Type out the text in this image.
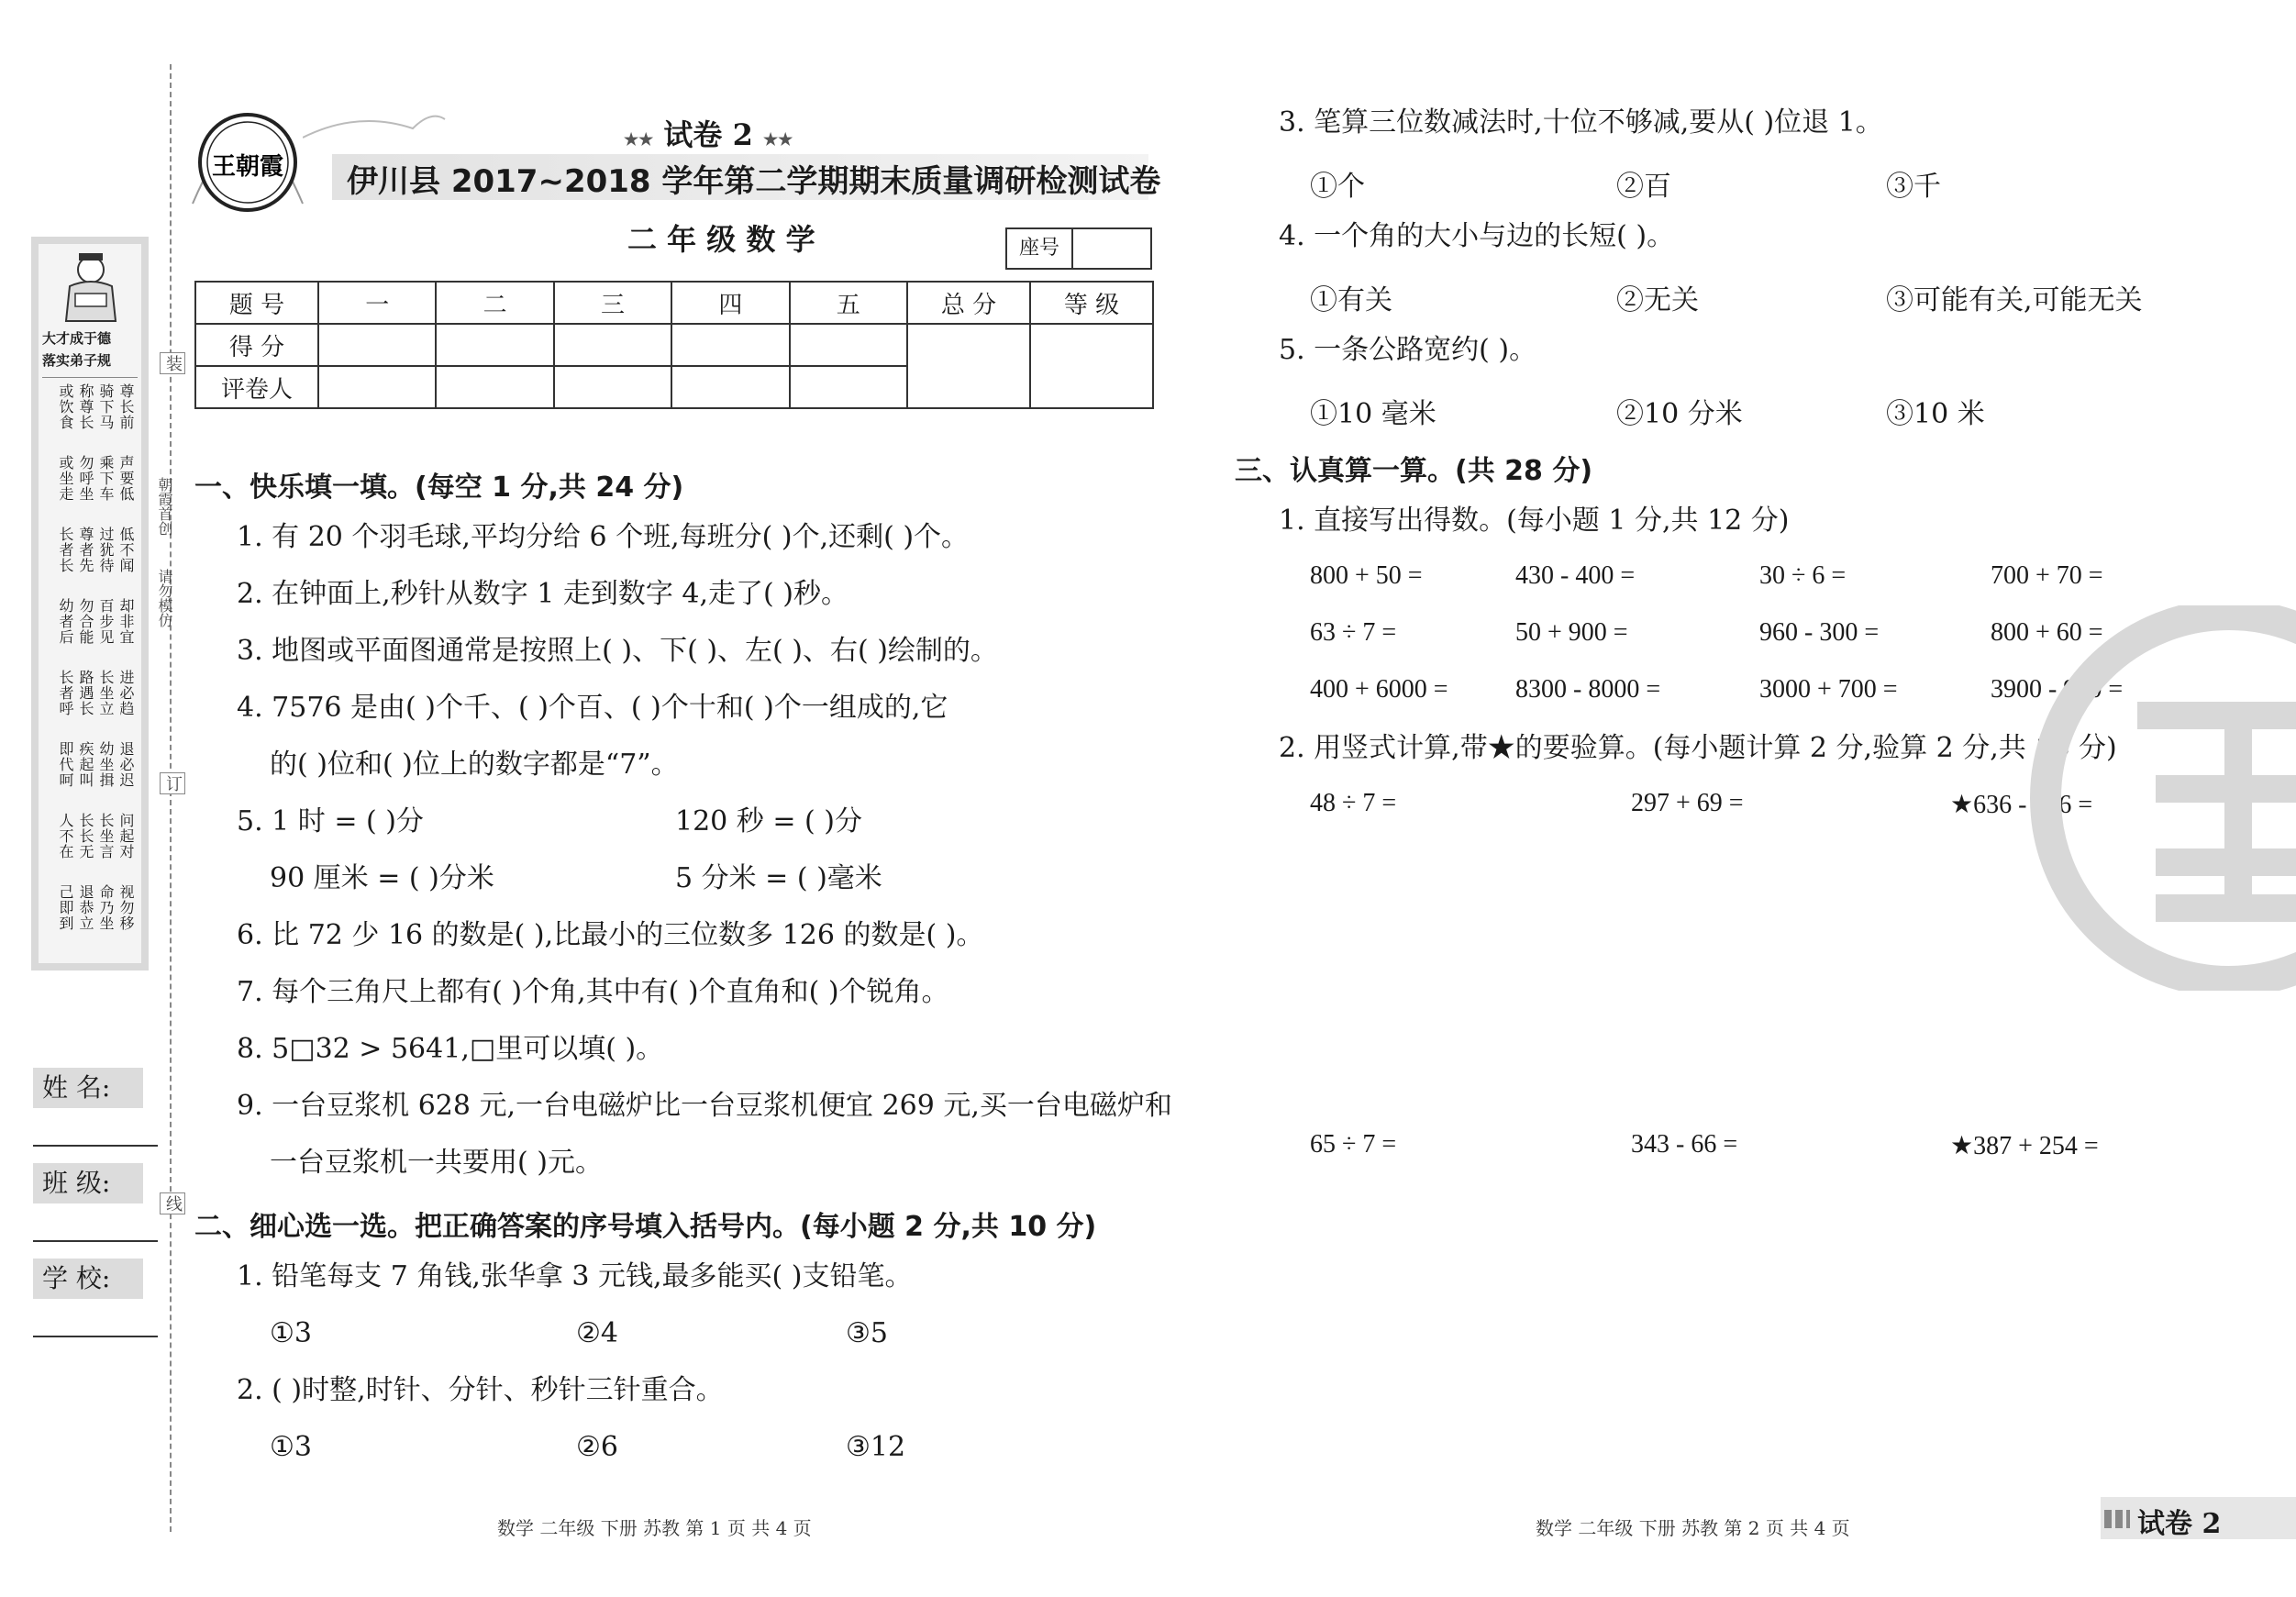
大才成于德
落实弟子规
尊长前
骑下马
称尊长
或饮食
声要低
乘下车
勿呼坐
或坐走
低不闻
过犹待
尊者先
长者长
却非宜
百步见
勿合能
幼者后
进必趋
长坐立
路遇长
长者呼
退必迟
幼坐揖
疾起叫
即代呵
问起对
长坐言
长长无
人不在
视勿移
命乃坐
退恭立
己即到
装
订
线
朝霞首创
请勿模仿
姓 名:
班 级:
学 校:
王朝霞
★★ 试卷 2 ★★
伊川县 2017~2018 学年第二学期期末质量调研检测试卷
二 年 级 数 学	座号
题 号	一	二	三	四	五	总 分	等 级
得 分							
评卷人							
一、快乐填一填。(每空 1 分,共 24 分)
1. 有 20 个羽毛球,平均分给 6 个班,每班分( )个,还剩( )个。
2. 在钟面上,秒针从数字 1 走到数字 4,走了( )秒。
3. 地图或平面图通常是按照上( )、下( )、左( )、右( )绘制的。
4. 7576 是由( )个千、( )个百、( )个十和( )个一组成的,它
的( )位和( )位上的数字都是“7”。
5. 1 时 = ( )分	120 秒 = ( )分
90 厘米 = ( )分米	5 分米 = ( )毫米
6. 比 72 少 16 的数是( ),比最小的三位数多 126 的数是( )。
7. 每个三角尺上都有( )个角,其中有( )个直角和( )个锐角。
8. 5□32 > 5641,□里可以填( )。
9. 一台豆浆机 628 元,一台电磁炉比一台豆浆机便宜 269 元,买一台电磁炉和
一台豆浆机一共要用( )元。
二、细心选一选。把正确答案的序号填入括号内。(每小题 2 分,共 10 分)
1. 铅笔每支 7 角钱,张华拿 3 元钱,最多能买( )支铅笔。
①3	②4	③5
2. ( )时整,时针、分针、秒针三针重合。
①3	②6	③12
数学 二年级 下册 苏教 第 1 页 共 4 页
3. 笔算三位数减法时,十位不够减,要从( )位退 1。
①个	②百	③千
4. 一个角的大小与边的长短( )。
①有关	②无关	③可能有关,可能无关
5. 一条公路宽约( )。
①10 毫米	②10 分米	③10 米
三、认真算一算。(共 28 分)
1. 直接写出得数。(每小题 1 分,共 12 分)
800 + 50 =	430 - 400 =	30 ÷ 6 =	700 + 70 =
63 ÷ 7 =	50 + 900 =	960 - 300 =	800 + 60 =
400 + 6000 =	8300 - 8000 =	3000 + 700 =	3900 - 900 =
2. 用竖式计算,带★的要验算。(每小题计算 2 分,验算 2 分,共 16 分)
48 ÷ 7 =	297 + 69 =	★636 - 276 =
65 ÷ 7 =	343 - 66 =	★387 + 254 =
数学 二年级 下册 苏教 第 2 页 共 4 页	试卷 2
